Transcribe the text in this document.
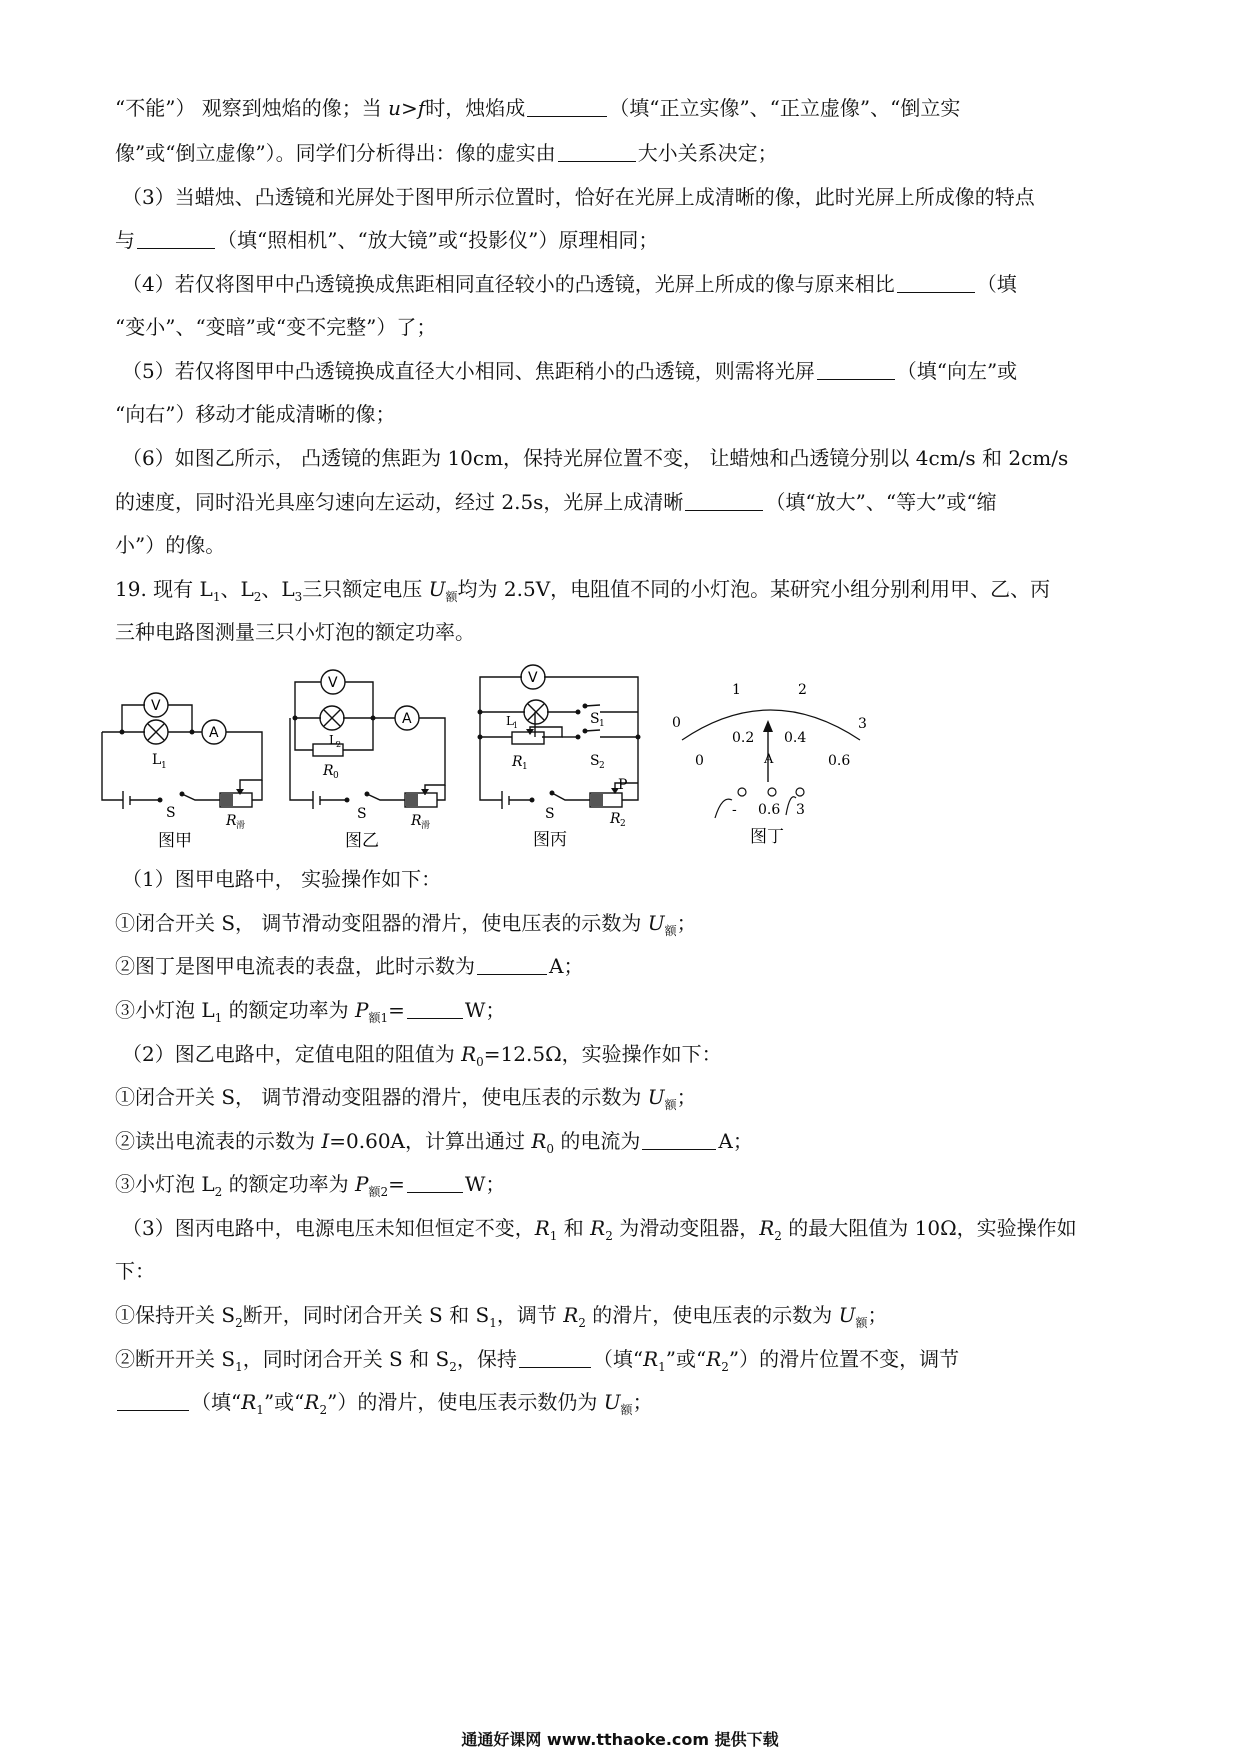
“不能”） 观察到烛焰的像；当 u>f时，烛焰成	（填“正立实像”、“正立虚像”、“倒立实
像”或“倒立虚像”）。同学们分析得出：像的虚实由	大小关系决定；
（3）当蜡烛、凸透镜和光屏处于图甲所示位置时，恰好在光屏上成清晰的像，此时光屏上所成像的特点
与	（填“照相机”、“放大镜”或“投影仪”）原理相同；
（4）若仅将图甲中凸透镜换成焦距相同直径较小的凸透镜，光屏上所成的像与原来相比	（填
“变小”、“变暗”或“变不完整”）了；
（5）若仅将图甲中凸透镜换成直径大小相同、焦距稍小的凸透镜，则需将光屏	（填“向左”或
“向右”）移动才能成清晰的像；
（6）如图乙所示， 凸透镜的焦距为 10cm，保持光屏位置不变， 让蜡烛和凸透镜分别以 4cm/s 和 2cm/s
的速度，同时沿光具座匀速向左运动，经过 2.5s，光屏上成清晰	（填“放大”、“等大”或“缩
小”）的像。
19. 现有 $L_1$、$L_2$、$L_3$三只额定电压 $U_额$均为 2.5V，电阻值不同的小灯泡。某研究小组分别利用甲、乙、丙
三种电路图测量三只小灯泡的额定功率。
V
A
L 1
S	R 滑
图甲
V
A
L 2
R 0
S	R 滑
图乙
V
L 1	S 1
S 2
R 1
S
P
R 2
图丙
0
1	2
3
0
0.2 0.4
0.6
A
- 0.6 3
图丁
（1）图甲电路中， 实验操作如下：
①闭合开关 S， 调节滑动变阻器的滑片，使电压表的示数为 $U_额$；
②图丁是图甲电流表的表盘，此时示数为	A；
③小灯泡 $L_1$ 的额定功率为 $P_{额1}=$	W；
（2）图乙电路中，定值电阻的阻值为 $R_0=12.5\Omega$，实验操作如下：
①闭合开关 S， 调节滑动变阻器的滑片，使电压表的示数为 $U_额$；
②读出电流表的示数为 I=0.60A，计算出通过 $R_0$ 的电流为	A；
③小灯泡 $L_2$ 的额定功率为 $P_{额2}=$	W；
（3）图丙电路中，电源电压未知但恒定不变，$R_1$ 和 $R_2$ 为滑动变阻器，$R_2$ 的最大阻值为 10Ω，实验操作如
下：
①保持开关 $S_2$断开，同时闭合开关 S 和 $S_1$，调节 $R_2$ 的滑片，使电压表的示数为 $U_额$；
②断开开关 $S_1$，同时闭合开关 S 和 $S_2$，保持	（填“$R_1$”或“$R_2$”）的滑片位置不变，调节
（填“$R_1$”或“$R_2$”）的滑片，使电压表示数仍为 $U_额$；
通通好课网 www.tthaoke.com 提供下载
